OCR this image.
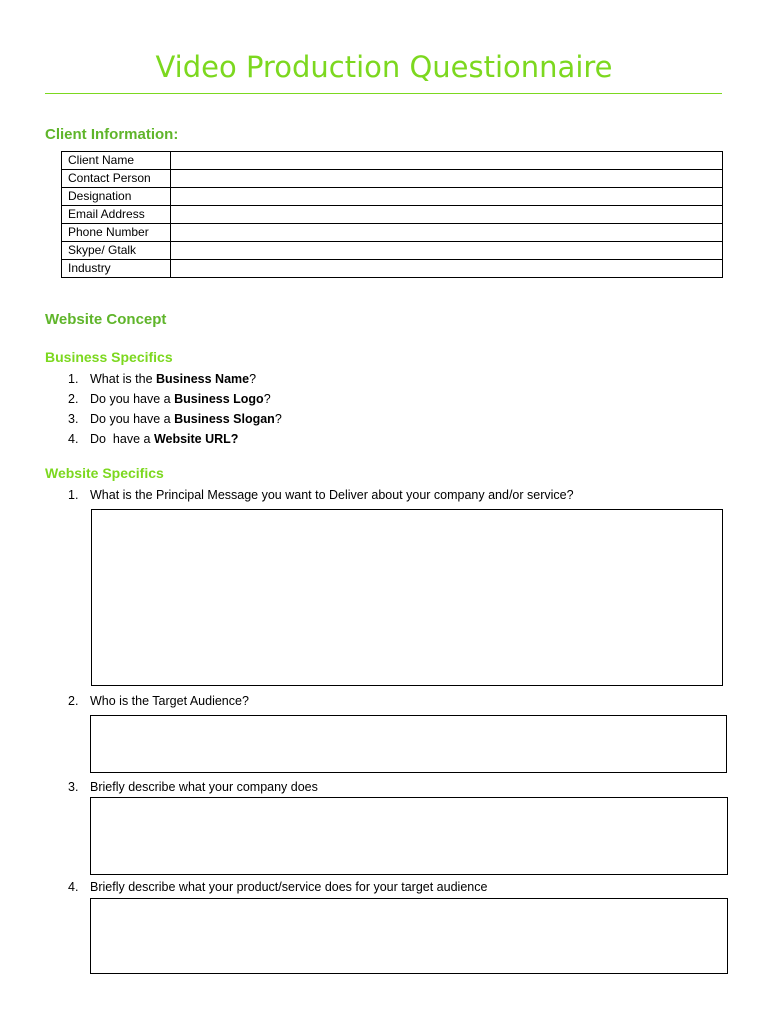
Video Production Questionnaire
Client Information:
Client Name	
Contact Person	
Designation	
Email Address	
Phone Number	
Skype/ Gtalk	
Industry	
Website Concept
Business Specifics
1. What is the Business Name?
2. Do you have a Business Logo?
3. Do you have a Business Slogan?
4. Do  have a Website URL?
Website Specifics
1. What is the Principal Message you want to Deliver about your company and/or service?
2. Who is the Target Audience?
3. Briefly describe what your company does
4. Briefly describe what your product/service does for your target audience
